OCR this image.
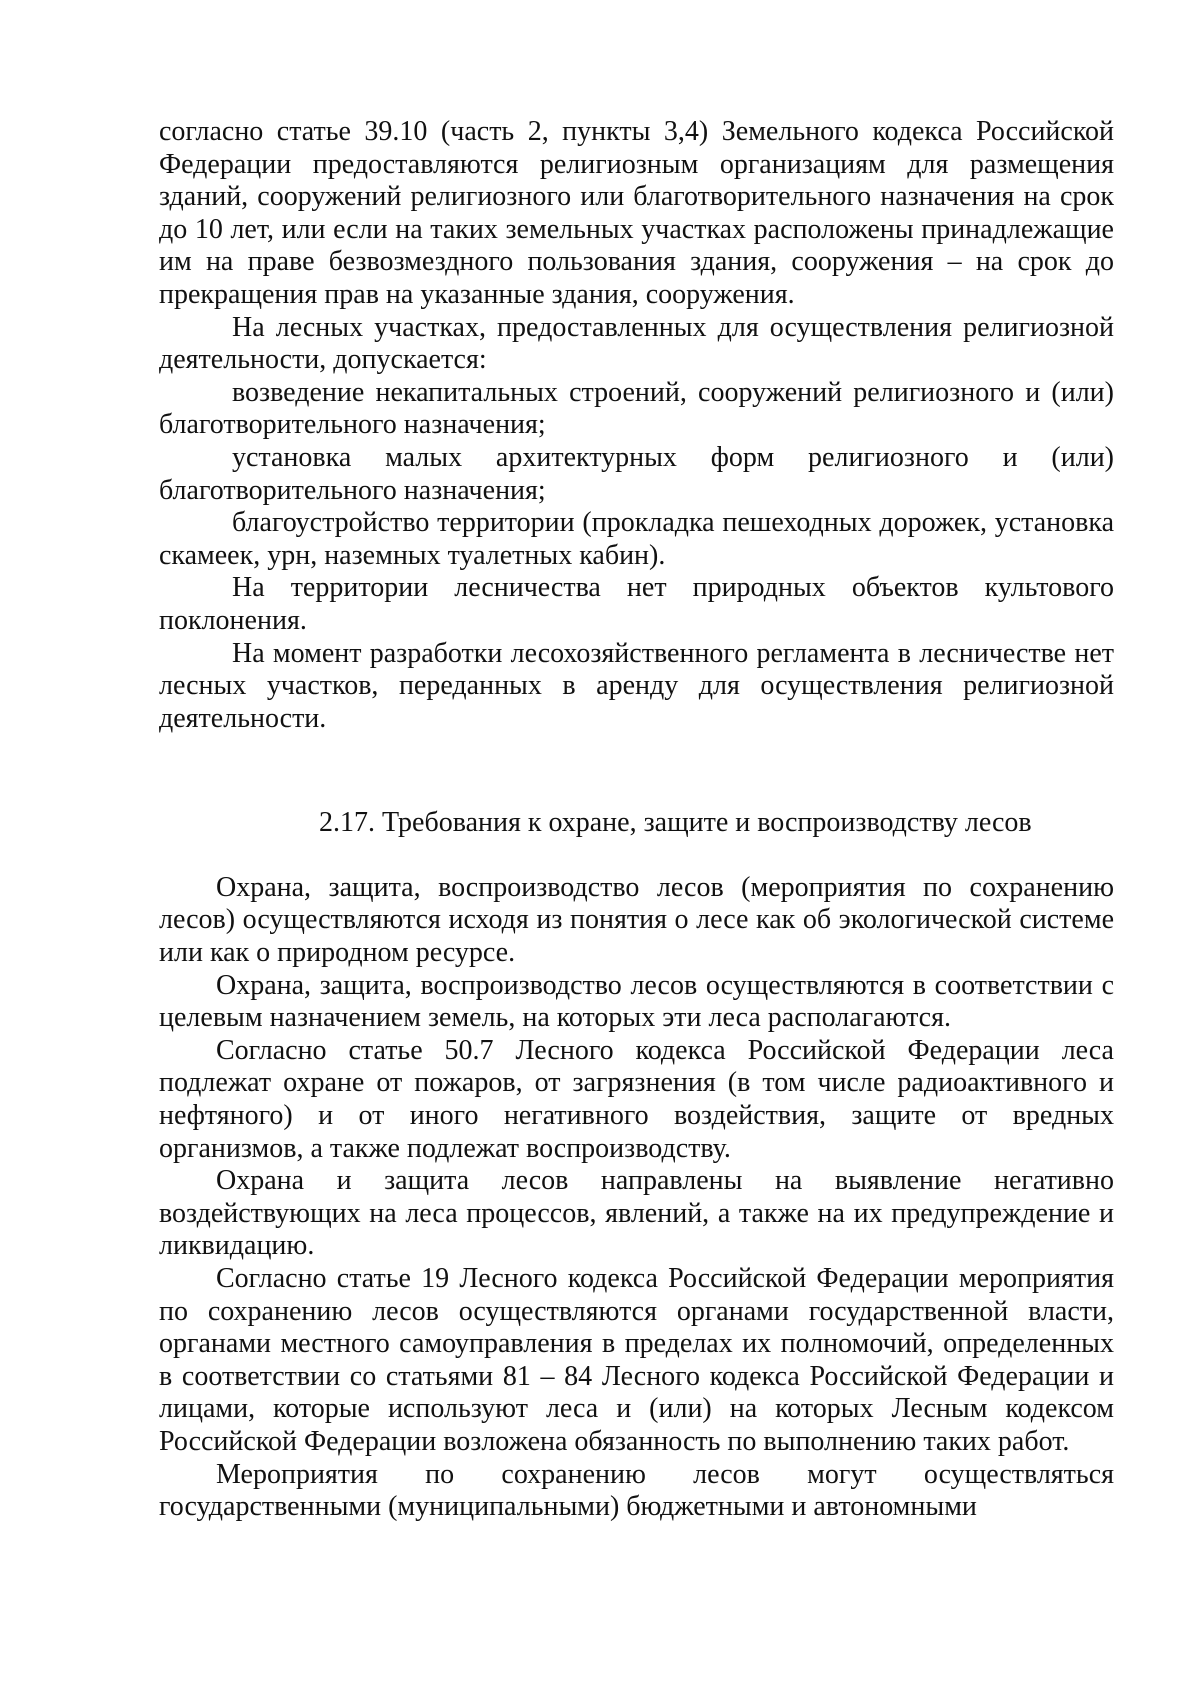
согласно статье 39.10 (часть 2, пункты 3,4) Земельного кодекса Российской Федерации предоставляются религиозным организациям для размещения зданий, сооружений религиозного или благотворительного назначения на срок до 10 лет, или если на таких земельных участках расположены принадлежащие им на праве безвозмездного пользования здания, сооружения – на срок до прекращения прав на указанные здания, сооружения.

На лесных участках, предоставленных для осуществления религиозной деятельности, допускается:

возведение некапитальных строений, сооружений религиозного и (или) благотворительного назначения;

установка малых архитектурных форм религиозного и (или) благотворительного назначения;

благоустройство территории (прокладка пешеходных дорожек, установка скамеек, урн, наземных туалетных кабин).

На территории лесничества нет природных объектов культового поклонения.

На момент разработки лесохозяйственного регламента в лесничестве нет лесных участков, переданных в аренду для осуществления религиозной деятельности.

2.17. Требования к охране, защите и воспроизводству лесов

Охрана, защита, воспроизводство лесов (мероприятия по сохранению лесов) осуществляются исходя из понятия о лесе как об экологической системе или как о природном ресурсе.

Охрана, защита, воспроизводство лесов осуществляются в соответствии с целевым назначением земель, на которых эти леса располагаются.

Согласно статье 50.7 Лесного кодекса Российской Федерации леса подлежат охране от пожаров, от загрязнения (в том числе радиоактивного и нефтяного) и от иного негативного воздействия, защите от вредных организмов, а также подлежат воспроизводству.

Охрана и защита лесов направлены на выявление негативно воздействующих на леса процессов, явлений, а также на их предупреждение и ликвидацию.

Согласно статье 19 Лесного кодекса Российской Федерации мероприятия по сохранению лесов осуществляются органами государственной власти, органами местного самоуправления в пределах их полномочий, определенных в соответствии со статьями 81 – 84 Лесного кодекса Российской Федерации и лицами, которые используют леса и (или) на которых Лесным кодексом Российской Федерации возложена обязанность по выполнению таких работ.

Мероприятия по сохранению лесов могут осуществляться государственными (муниципальными) бюджетными и автономными
